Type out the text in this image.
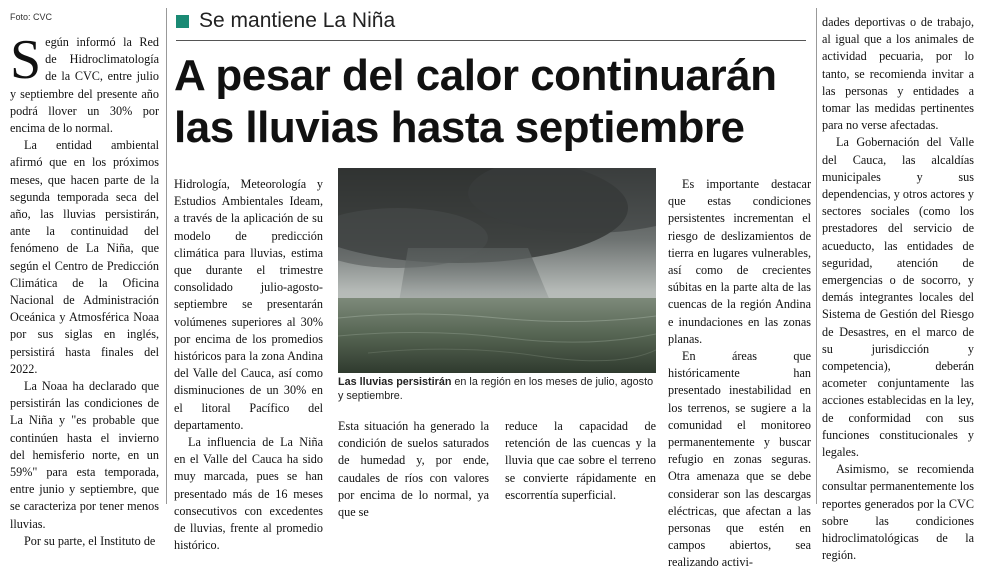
Foto: CVC

Según informó la Red de Hidroclimatología de la CVC, entre julio y septiembre del presente año podrá llover un 30% por encima de lo normal.

La entidad ambiental afirmó que en los próximos meses, que hacen parte de la segunda temporada seca del año, las lluvias persistirán, ante la continuidad del fenómeno de La Niña, que según el Centro de Predicción Climática de la Oficina Nacional de Administración Oceánica y Atmosférica Noaa por sus siglas en inglés, persistirá hasta finales del 2022.

La Noaa ha declarado que persistirán las condiciones de La Niña y "es probable que continúen hasta el invierno del hemisferio norte, en un 59%" para esta temporada, entre junio y septiembre, que se caracteriza por tener menos lluvias.

Por su parte, el Instituto de

Se mantiene La Niña
A pesar del calor continuarán
las lluvias hasta septiembre

Hidrología, Meteorología y Estudios Ambientales Ideam, a través de la aplicación de su modelo de predicción climática para lluvias, estima que durante el trimestre consolidado julio-agosto-septiembre se presentarán volúmenes superiores al 30% por encima de los promedios históricos para la zona Andina del Valle del Cauca, así como disminuciones de un 30% en el litoral Pacífico del departamento.

La influencia de La Niña en el Valle del Cauca ha sido muy marcada, pues se han presentado más de 16 meses consecutivos con excedentes de lluvias, frente al promedio histórico.

Las lluvias persistirán en la región en los meses de julio, agosto y septiembre.

Esta situación ha generado la condición de suelos saturados de humedad y, por ende, caudales de ríos con valores por encima de lo normal, ya que se

reduce la capacidad de retención de las cuencas y la lluvia que cae sobre el terreno se convierte rápidamente en escorrentía superficial.

Es importante destacar que estas condiciones persistentes incrementan el riesgo de deslizamientos de tierra en lugares vulnerables, así como de crecientes súbitas en la parte alta de las cuencas de la región Andina e inundaciones en las zonas planas.

En áreas que históricamente han presentado inestabilidad en los terrenos, se sugiere a la comunidad el monitoreo permanentemente y buscar refugio en zonas seguras. Otra amenaza que se debe considerar son las descargas eléctricas, que afectan a las personas que estén en campos abiertos, sea realizando activi-

dades deportivas o de trabajo, al igual que a los animales de actividad pecuaria, por lo tanto, se recomienda invitar a las personas y entidades a tomar las medidas pertinentes para no verse afectadas.

La Gobernación del Valle del Cauca, las alcaldías municipales y sus dependencias, y otros actores y sectores sociales (como los prestadores del servicio de acueducto, las entidades de seguridad, atención de emergencias o de socorro, y demás integrantes locales del Sistema de Gestión del Riesgo de Desastres, en el marco de su jurisdicción y competencia), deberán acometer conjuntamente las acciones establecidas en la ley, de conformidad con sus funciones constitucionales y legales.

Asimismo, se recomienda consultar permanentemente los reportes generados por la CVC sobre las condiciones hidroclimatológicas de la región.
